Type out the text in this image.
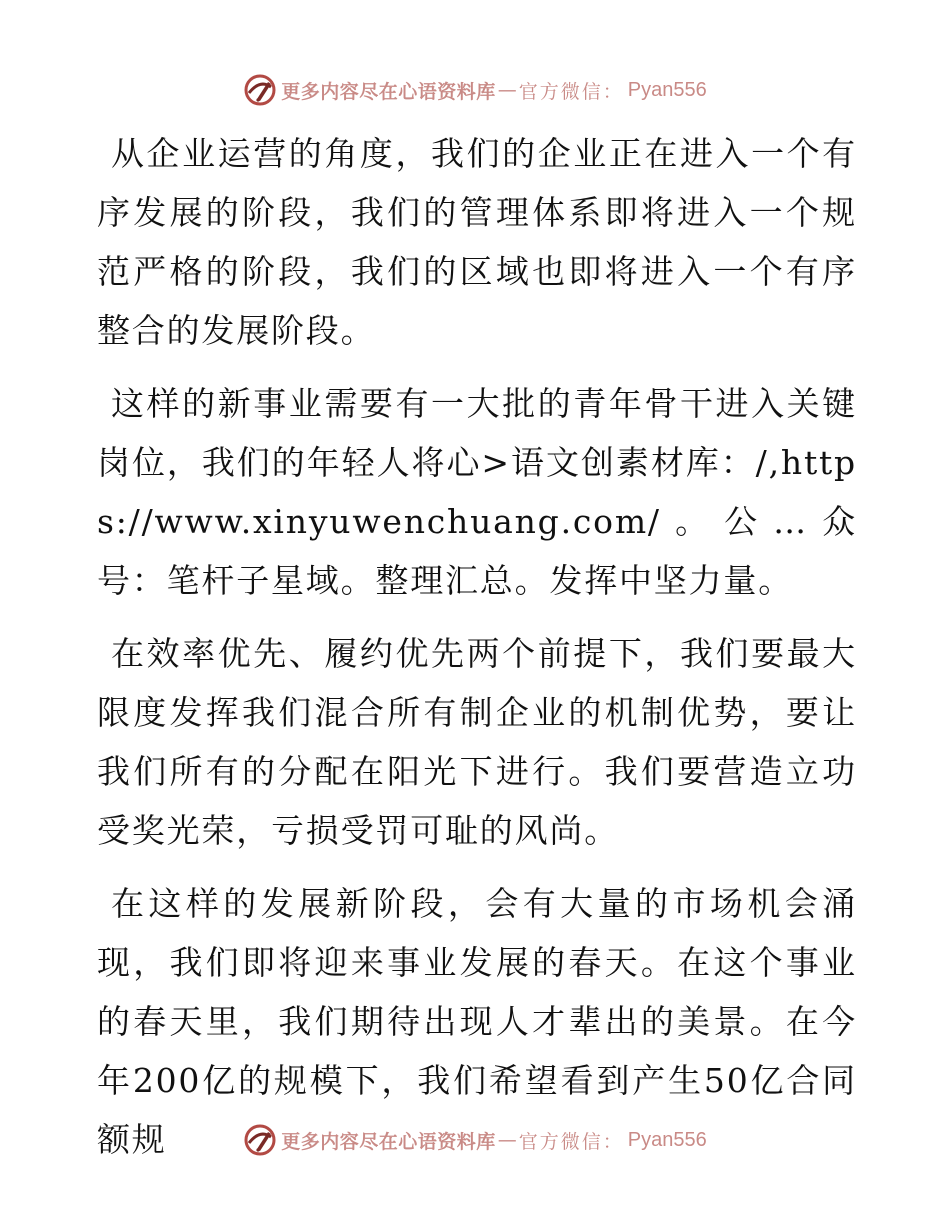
更多内容尽在心语资料库 — 官方微信： Pyan556

从企业运营的角度，我们的企业正在进入一个有序发展的阶段，我们的管理体系即将进入一个规范严格的阶段，我们的区域也即将进入一个有序整合的发展阶段。

这样的新事业需要有一大批的青年骨干进入关键岗位，我们的年轻人将心>语文创素材库：/,https://www.xinyuwenchuang.com/。公…众号：笔杆子星域。整理汇总。发挥中坚力量。

在效率优先、履约优先两个前提下，我们要最大限度发挥我们混合所有制企业的机制优势，要让我们所有的分配在阳光下进行。我们要营造立功受奖光荣，亏损受罚可耻的风尚。

在这样的发展新阶段，会有大量的市场机会涌现，我们即将迎来事业发展的春天。在这个事业的春天里，我们期待出现人才辈出的美景。在今年200亿的规模下，我们希望看到产生50亿合同额规	更多内容尽在心语资料库 — 官方微信： Pyan556
